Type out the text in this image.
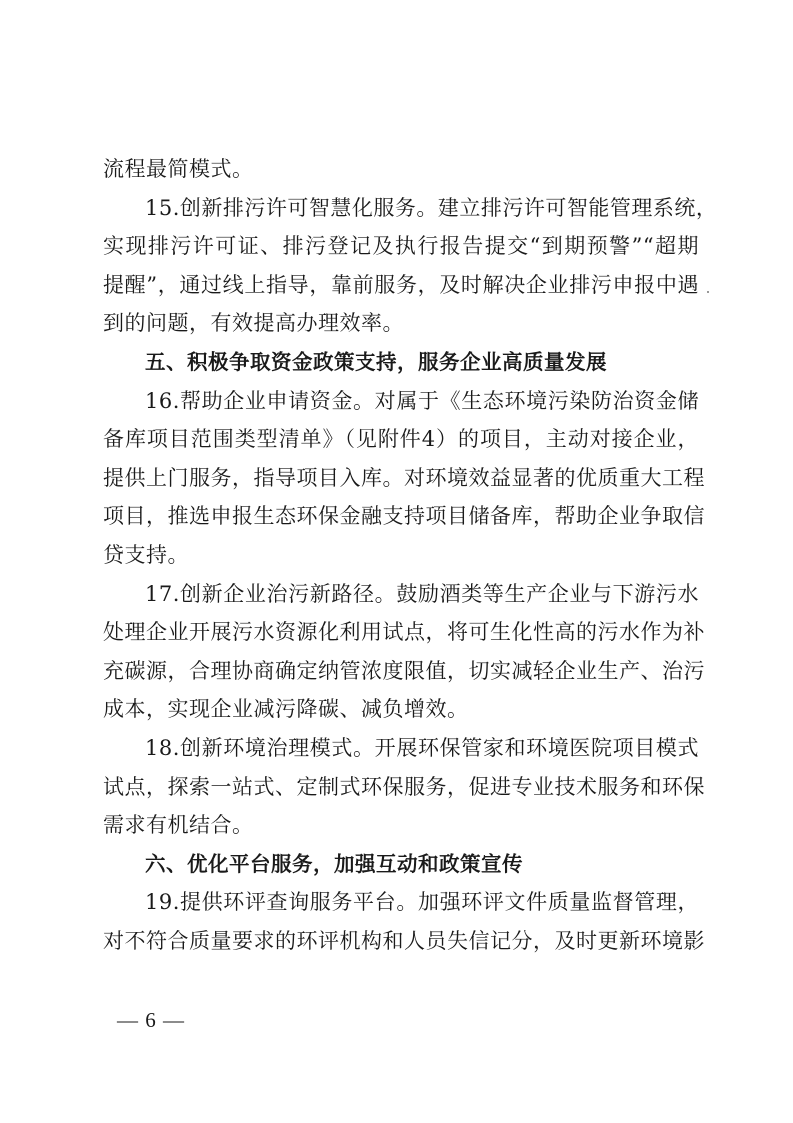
流程最简模式。
15.创新排污许可智慧化服务。建立排污许可智能管理系统，
实现排污许可证、排污登记及执行报告提交“到期预警”“超期
提醒”，通过线上指导，靠前服务，及时解决企业排污申报中遇
到的问题，有效提高办理效率。
五、积极争取资金政策支持，服务企业高质量发展
16.帮助企业申请资金。对属于《生态环境污染防治资金储
备库项目范围类型清单》（见附件4）的项目，主动对接企业，
提供上门服务，指导项目入库。对环境效益显著的优质重大工程
项目，推选申报生态环保金融支持项目储备库，帮助企业争取信
贷支持。
17.创新企业治污新路径。鼓励酒类等生产企业与下游污水
处理企业开展污水资源化利用试点，将可生化性高的污水作为补
充碳源，合理协商确定纳管浓度限值，切实减轻企业生产、治污
成本，实现企业减污降碳、减负增效。
18.创新环境治理模式。开展环保管家和环境医院项目模式
试点，探索一站式、定制式环保服务，促进专业技术服务和环保
需求有机结合。
六、优化平台服务，加强互动和政策宣传
19.提供环评查询服务平台。加强环评文件质量监督管理，
对不符合质量要求的环评机构和人员失信记分，及时更新环境影
— 6 —
